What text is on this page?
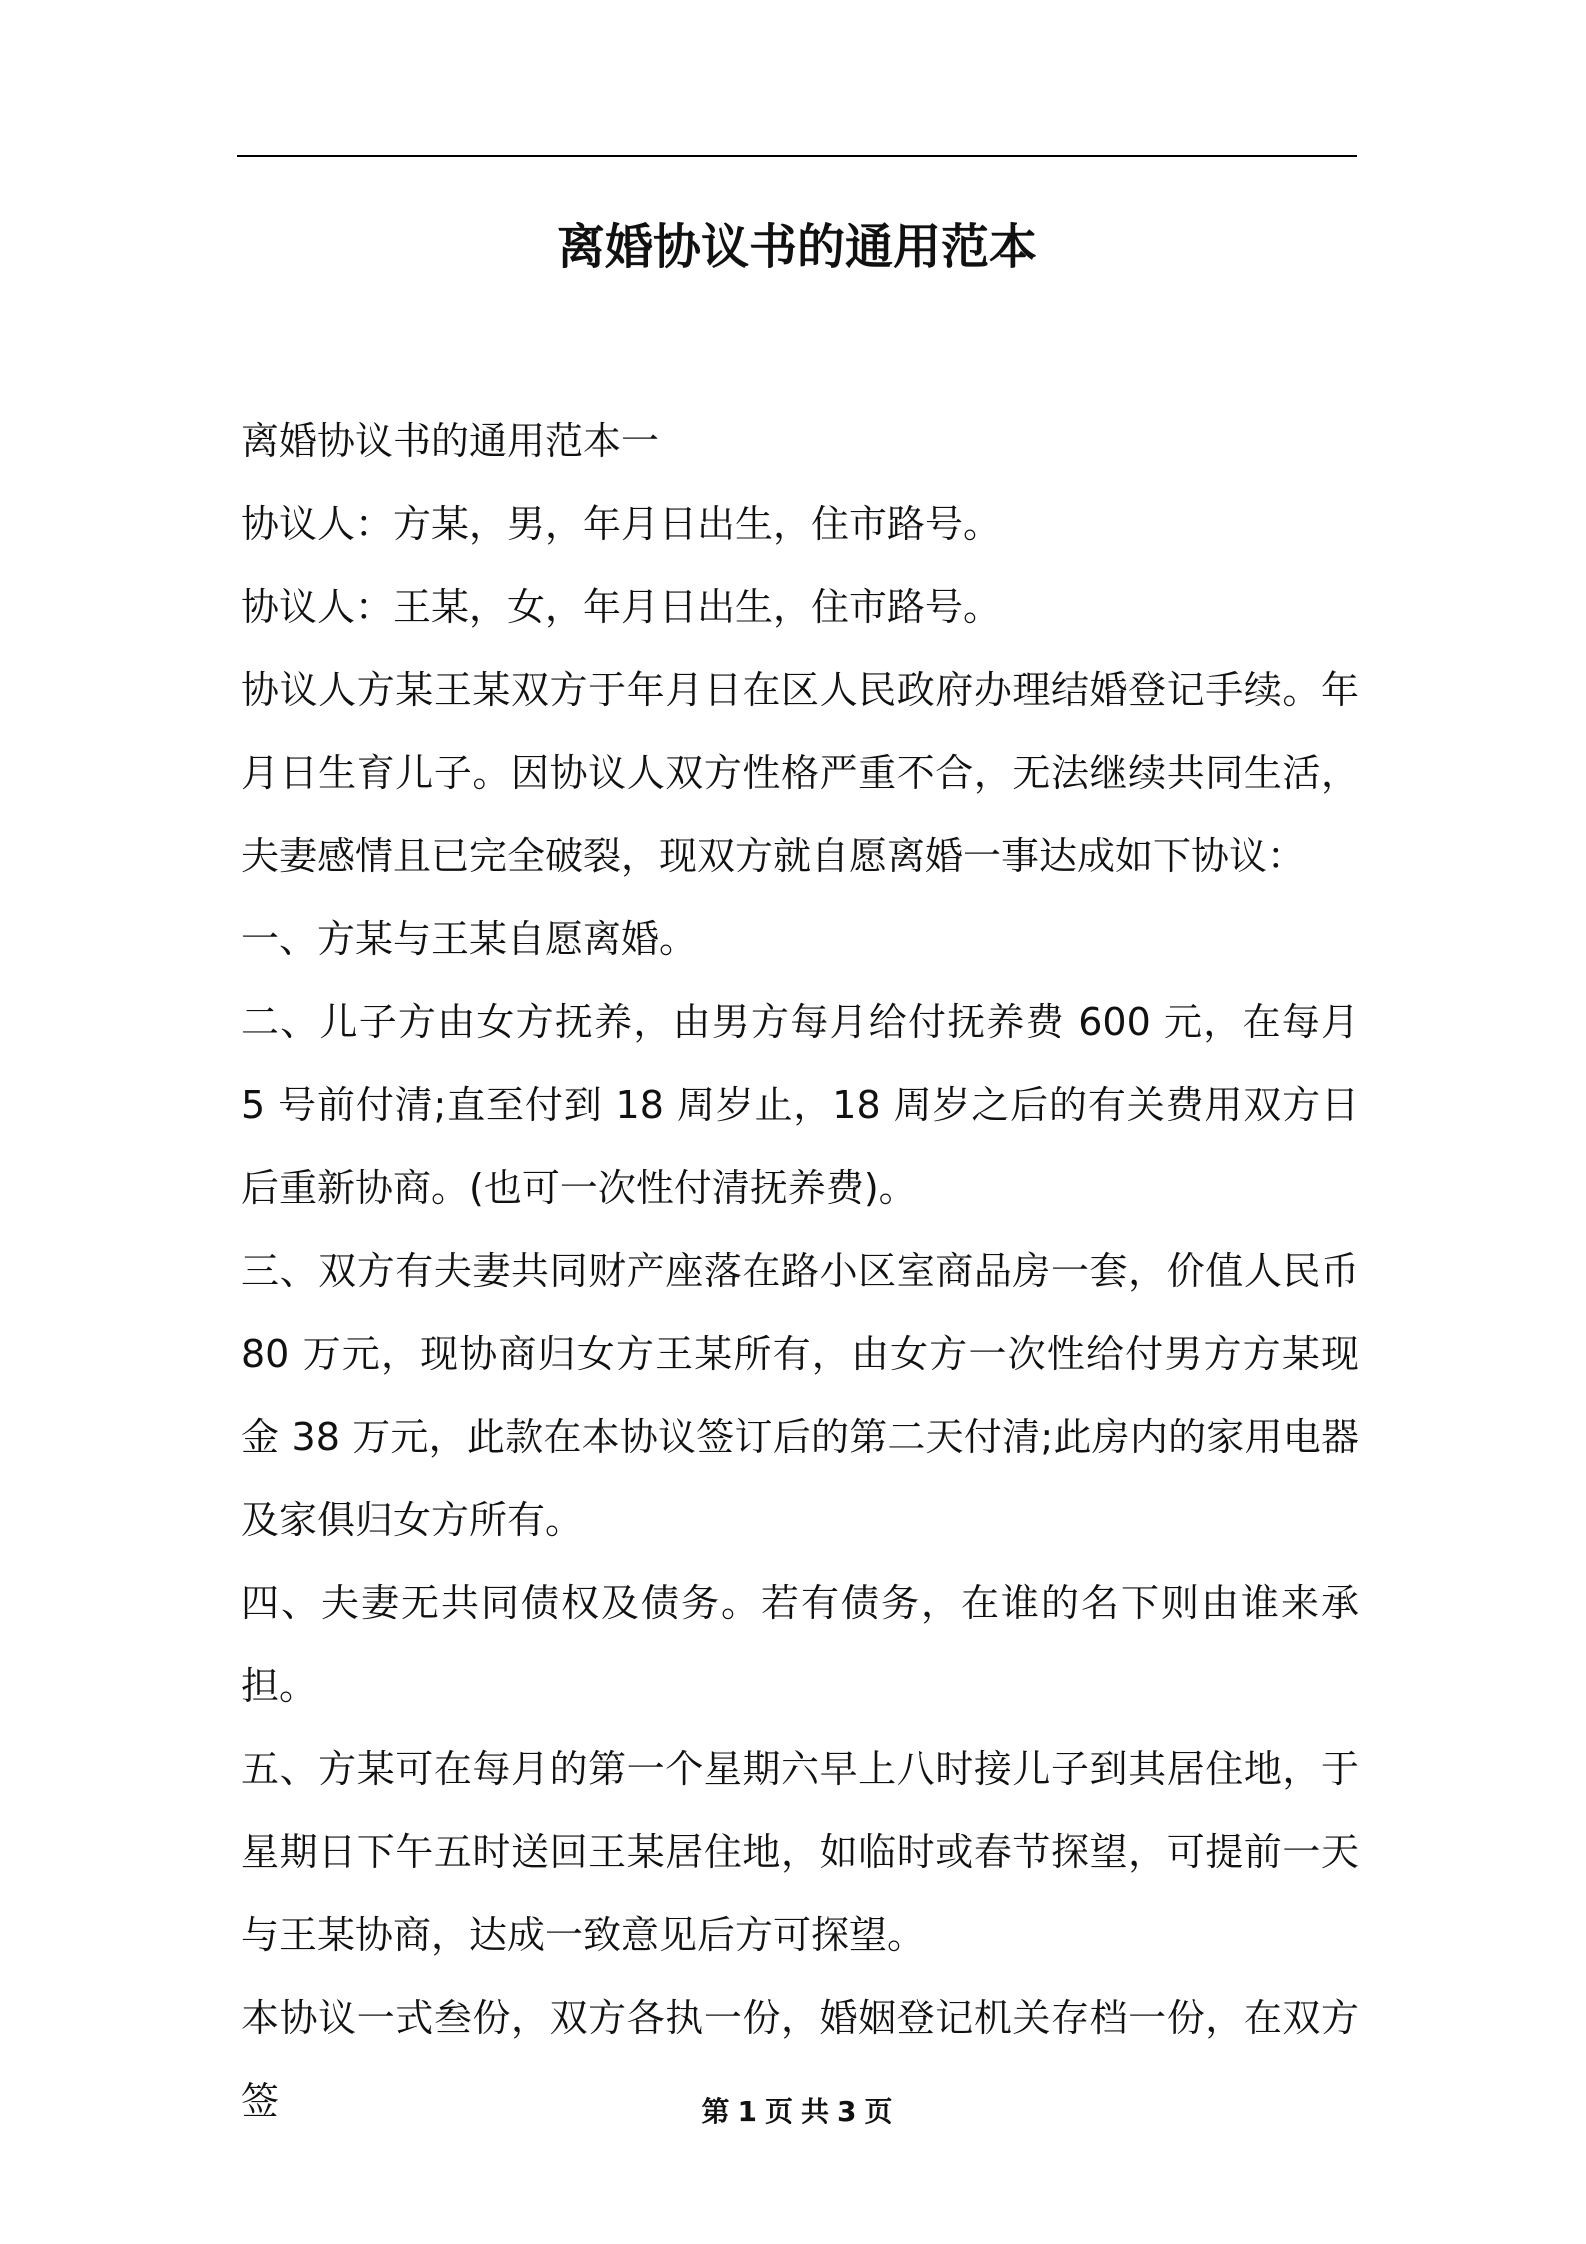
离婚协议书的通用范本

离婚协议书的通用范本一

协议人：方某，男，年月日出生，住市路号。

协议人：王某，女，年月日出生，住市路号。

协议人方某王某双方于年月日在区人民政府办理结婚登记手续。年月日生育儿子。因协议人双方性格严重不合，无法继续共同生活，夫妻感情且已完全破裂，现双方就自愿离婚一事达成如下协议：

一、方某与王某自愿离婚。

二、儿子方由女方抚养，由男方每月给付抚养费 600 元，在每月 5 号前付清;直至付到 18 周岁止，18 周岁之后的有关费用双方日后重新协商。(也可一次性付清抚养费)。

三、双方有夫妻共同财产座落在路小区室商品房一套，价值人民币 80 万元，现协商归女方王某所有，由女方一次性给付男方方某现金 38 万元，此款在本协议签订后的第二天付清;此房内的家用电器及家俱归女方所有。

四、夫妻无共同债权及债务。若有债务，在谁的名下则由谁来承担。

五、方某可在每月的第一个星期六早上八时接儿子到其居住地，于星期日下午五时送回王某居住地，如临时或春节探望，可提前一天与王某协商，达成一致意见后方可探望。

本协议一式叁份，双方各执一份，婚姻登记机关存档一份，在双方签	第 1 页 共 3 页
